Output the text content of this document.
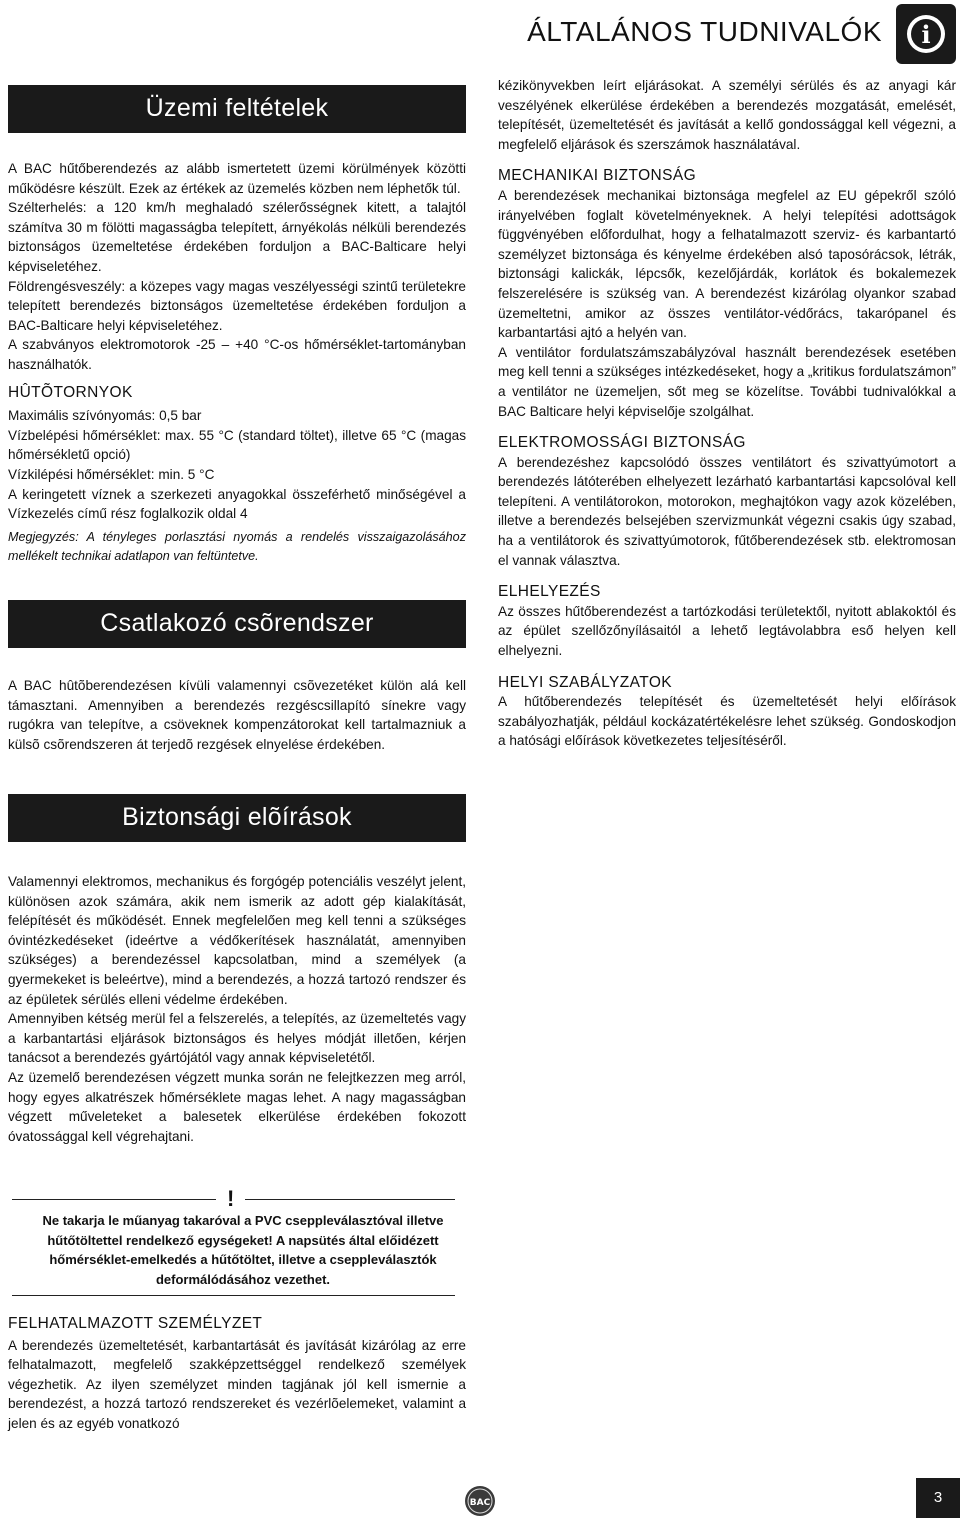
ÁLTALÁNOS TUDNIVALÓK i
Üzemi feltételek

A BAC hűtőberendezés az alább ismertetett üzemi körülmények közötti működésre készült. Ezek az értékek az üzemelés közben nem léphetők túl.

Szélterhelés: a 120 km/h meghaladó szélerősségnek kitett, a talajtól számítva 30 m fölötti magasságba telepített, árnyékolás nélküli berendezés biztonságos üzemeltetése érdekében forduljon a BAC-Balticare helyi képviseletéhez.

Földrengésveszély: a közepes vagy magas veszélyességi szintű területekre telepített berendezés biztonságos üzemeltetése érdekében forduljon a BAC-Balticare helyi képviseletéhez.

A szabványos elektromotorok -25 – +40 °C-os hőmérséklet-tartományban használhatók.

HÛTÕTORNYOK

Maximális szívónyomás: 0,5 bar

Vízbelépési hőmérséklet: max. 55 °C (standard töltet), illetve 65 °C (magas hőmérsékletű opció)

Vízkilépési hőmérséklet: min. 5 °C

A keringetett víznek a szerkezeti anyagokkal összeférhető minőségével a Vízkezelés című rész foglalkozik oldal 4

Megjegyzés: A tényleges porlasztási nyomás a rendelés visszaigazolásához mellékelt technikai adatlapon van feltüntetve.

Csatlakozó csõrendszer

A BAC hûtõberendezésen kívüli valamennyi csõvezetéket külön alá kell támasztani. Amennyiben a berendezés rezgéscsillapító sínekre vagy rugókra van telepítve, a csöveknek kompenzátorokat kell tartalmazniuk a külsõ csõrendszeren át terjedõ rezgések elnyelése érdekében.

Biztonsági elõírások

Valamennyi elektromos, mechanikus és forgógép potenciális veszélyt jelent, különösen azok számára, akik nem ismerik az adott gép kialakítását, felépítését és működését. Ennek megfelelően meg kell tenni a szükséges óvintézkedéseket (ideértve a védőkerítések használatát, amennyiben szükséges) a berendezéssel kapcsolatban, mind a személyek (a gyermekeket is beleértve), mind a berendezés, a hozzá tartozó rendszer és az épületek sérülés elleni védelme érdekében.

Amennyiben kétség merül fel a felszerelés, a telepítés, az üzemeltetés vagy a karbantartási eljárások biztonságos és helyes módját illetően, kérjen tanácsot a berendezés gyártójától vagy annak képviseletétől.

Az üzemelő berendezésen végzett munka során ne felejtkezzen meg arról, hogy egyes alkatrészek hőmérséklete magas lehet. A nagy magasságban végzett műveleteket a balesetek elkerülése érdekében fokozott óvatossággal kell végrehajtani.

!
Ne takarja le műanyag takaróval a PVC cseppleválasztóval illetve hűtőtöltettel rendelkező egységeket! A napsütés által előidézett hőmérséklet-emelkedés a hűtőtöltet, illetve a cseppleválasztók deformálódásához vezethet.

FELHATALMAZOTT SZEMÉLYZET

A berendezés üzemeltetését, karbantartását és javítását kizárólag az erre felhatalmazott, megfelelő szakképzettséggel rendelkező személyek végezhetik. Az ilyen személyzet minden tagjának jól kell ismernie a berendezést, a hozzá tartozó rendszereket és vezérlõelemeket, valamint a jelen és az egyéb vonatkozó

kézikönyvekben leírt eljárásokat. A személyi sérülés és az anyagi kár veszélyének elkerülése érdekében a berendezés mozgatását, emelését, telepítését, üzemeltetését és javítását a kellő gondossággal kell végezni, a megfelelő eljárások és szerszámok használatával.

MECHANIKAI BIZTONSÁG

A berendezések mechanikai biztonsága megfelel az EU gépekről szóló irányelvében foglalt követelményeknek. A helyi telepítési adottságok függvényében előfordulhat, hogy a felhatalmazott szerviz- és karbantartó személyzet biztonsága és kényelme érdekében alsó taposórácsok, létrák, biztonsági kalickák, lépcsők, kezelőjárdák, korlátok és bokalemezek felszerelésére is szükség van. A berendezést kizárólag olyankor szabad üzemeltetni, amikor az összes ventilátor-védőrács, takarópanel és karbantartási ajtó a helyén van.

A ventilátor fordulatszámszabályzóval használt berendezések esetében meg kell tenni a szükséges intézkedéseket, hogy a „kritikus fordulatszámon” a ventilátor ne üzemeljen, sőt meg se közelítse. További tudnivalókkal a BAC Balticare helyi képviselője szolgálhat.

ELEKTROMOSSÁGI BIZTONSÁG

A berendezéshez kapcsolódó összes ventilátort és szivattyúmotort a berendezés látóterében elhelyezett lezárható karbantartási kapcsolóval kell telepíteni. A ventilátorokon, motorokon, meghajtókon vagy azok közelében, illetve a berendezés belsejében szervizmunkát végezni csakis úgy szabad, ha a ventilátorok és szivattyúmotorok, fűtőberendezések stb. elektromosan el vannak választva.

ELHELYEZÉS

Az összes hűtőberendezést a tartózkodási területektől, nyitott ablakoktól és az épület szellőzőnyílásaitól a lehető legtávolabbra eső helyen kell elhelyezni.

HELYI SZABÁLYZATOK

A hűtőberendezés telepítését és üzemeltetését helyi előírások szabályozhatják, például kockázatértékelésre lehet szükség. Gondoskodjon a hatósági előírások következetes teljesítéséről.

BAC	3
